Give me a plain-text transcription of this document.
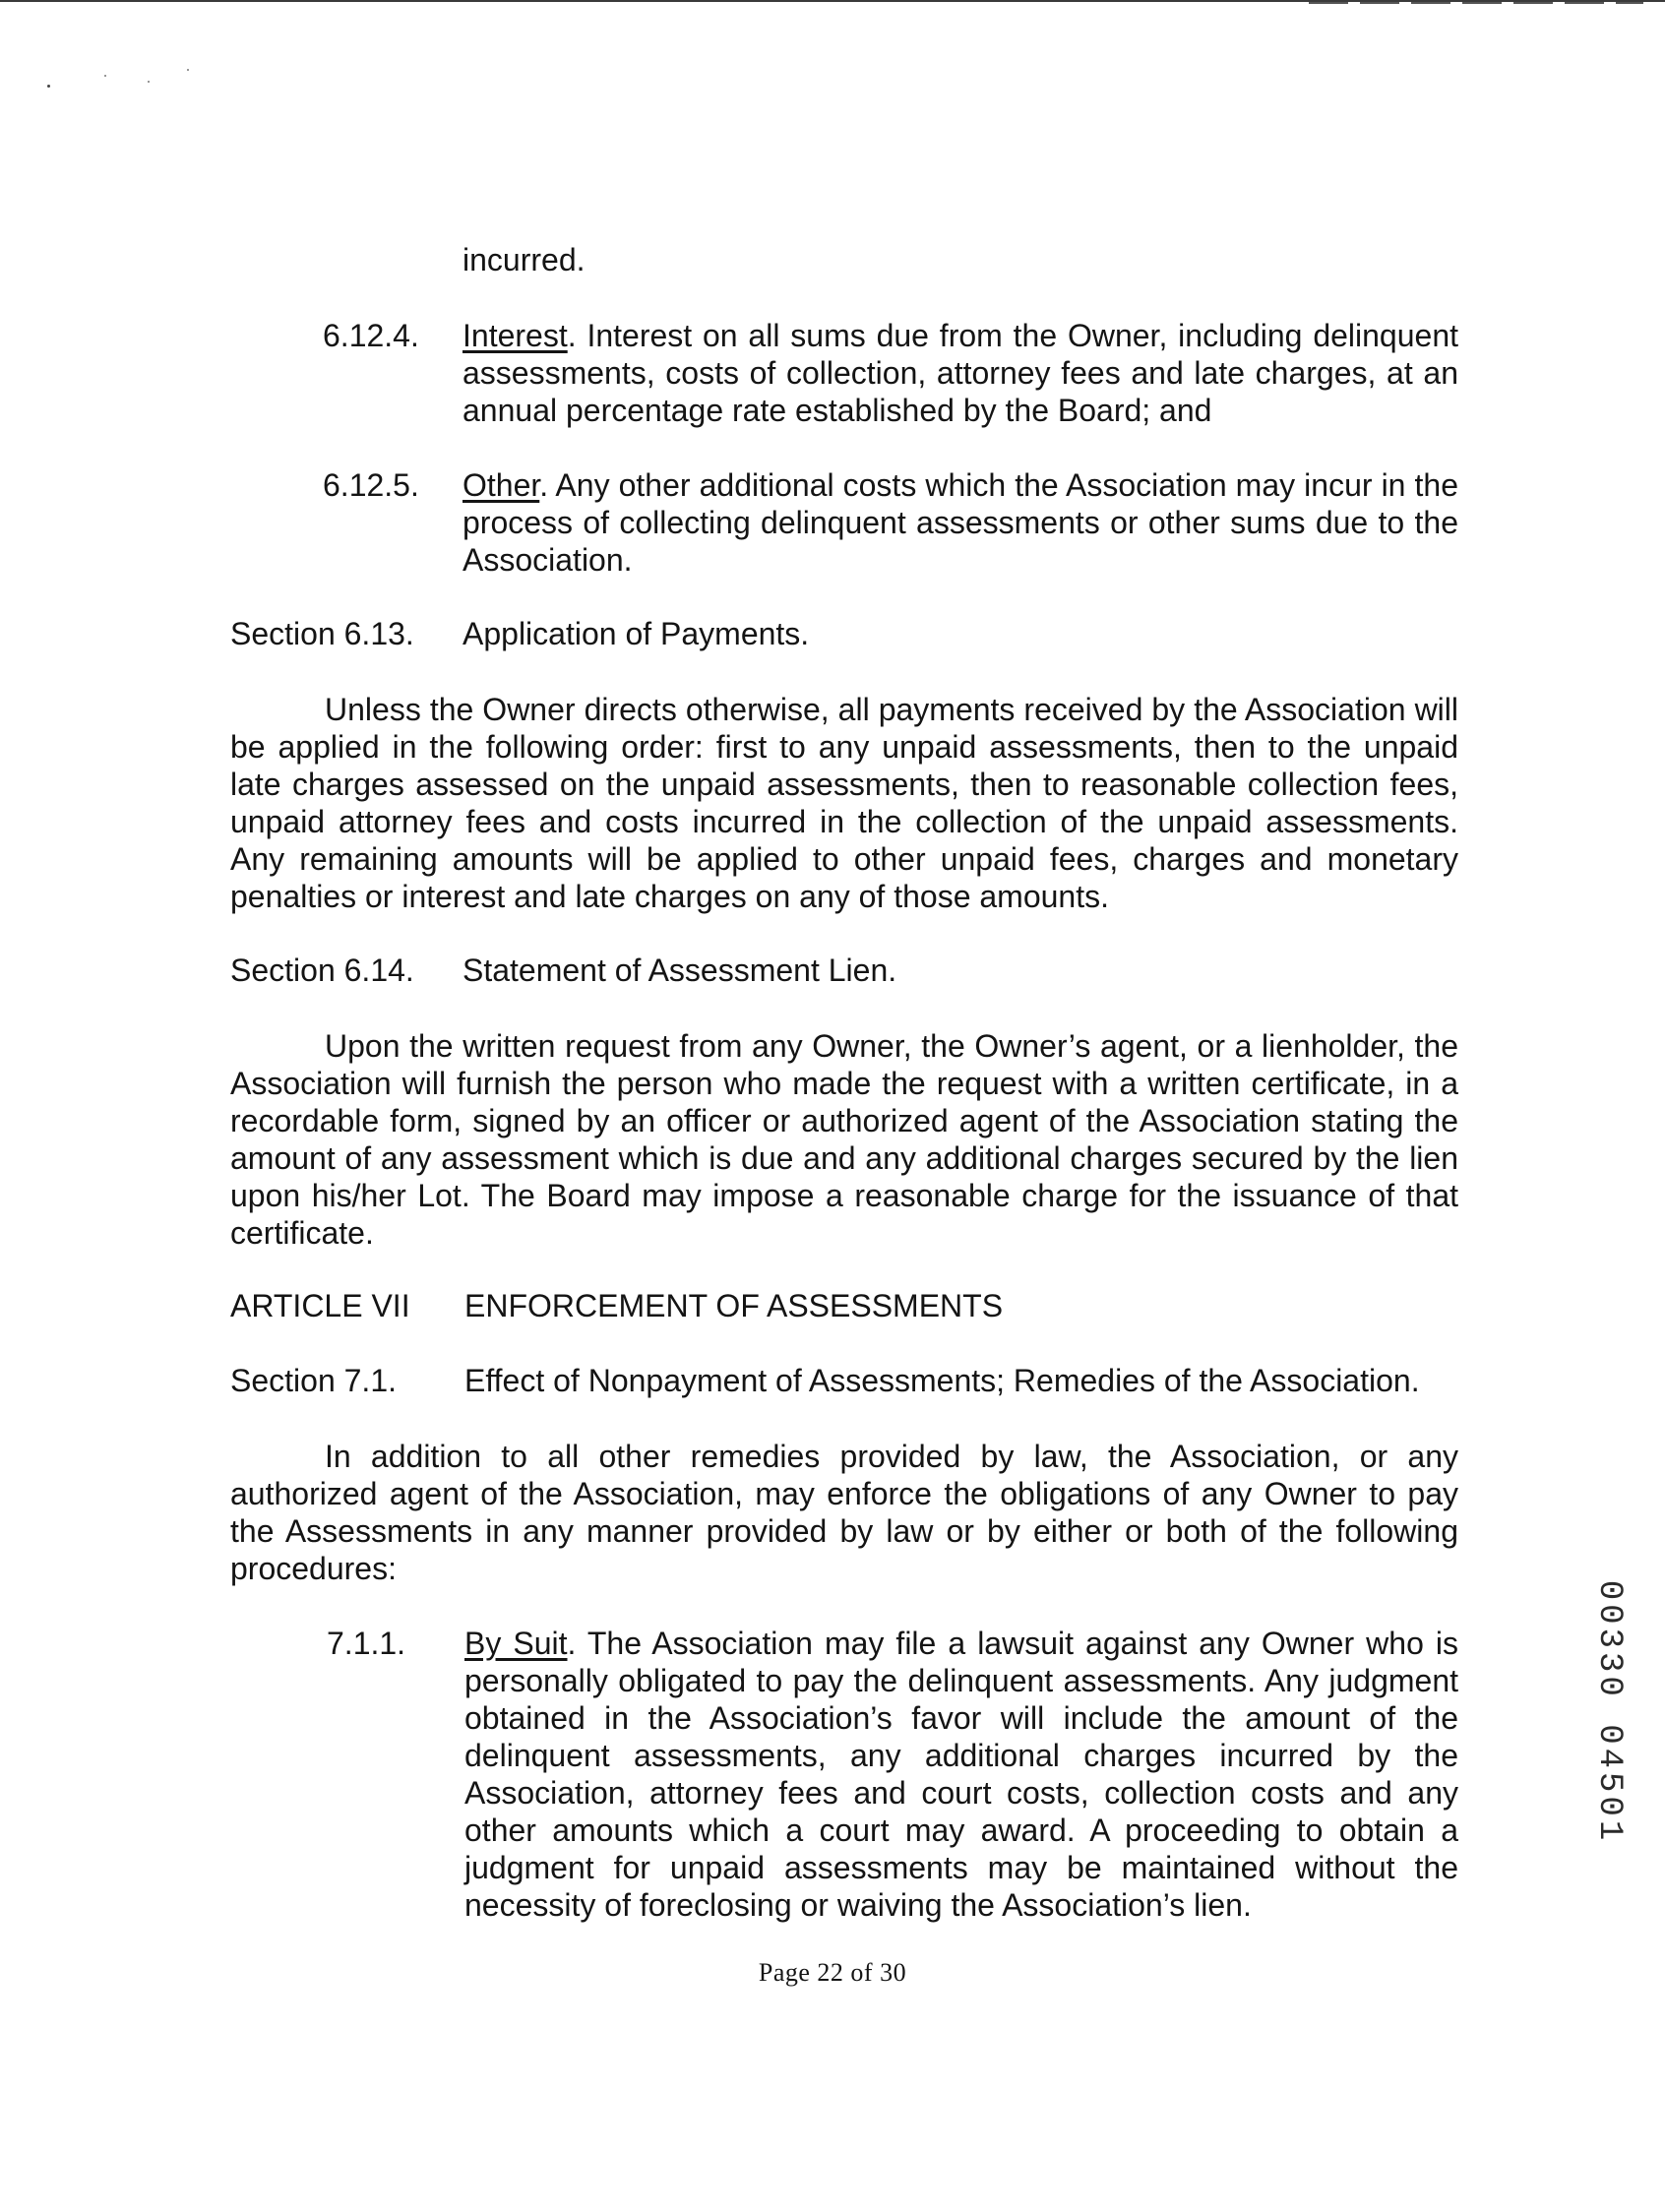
incurred.
6.12.4. Interest. Interest on all sums due from the Owner, including delinquent assessments, costs of collection, attorney fees and late charges, at an annual percentage rate established by the Board; and
6.12.5. Other. Any other additional costs which the Association may incur in the process of collecting delinquent assessments or other sums due to the Association.
Section 6.13. Application of Payments.
Unless the Owner directs otherwise, all payments received by the Association will be applied in the following order: first to any unpaid assessments, then to the unpaid late charges assessed on the unpaid assessments, then to reasonable collection fees, unpaid attorney fees and costs incurred in the collection of the unpaid assessments. Any remaining amounts will be applied to other unpaid fees, charges and monetary penalties or interest and late charges on any of those amounts.
Section 6.14. Statement of Assessment Lien.
Upon the written request from any Owner, the Owner’s agent, or a lienholder, the Association will furnish the person who made the request with a written certificate, in a recordable form, signed by an officer or authorized agent of the Association stating the amount of any assessment which is due and any additional charges secured by the lien upon his/her Lot. The Board may impose a reasonable charge for the issuance of that certificate.
ARTICLE VII ENFORCEMENT OF ASSESSMENTS
Section 7.1. Effect of Nonpayment of Assessments; Remedies of the Association.
In addition to all other remedies provided by law, the Association, or any authorized agent of the Association, may enforce the obligations of any Owner to pay the Assessments in any manner provided by law or by either or both of the following procedures:
7.1.1. By Suit. The Association may file a lawsuit against any Owner who is personally obligated to pay the delinquent assessments. Any judgment obtained in the Association’s favor will include the amount of the delinquent assessments, any additional charges incurred by the Association, attorney fees and court costs, collection costs and any other amounts which a court may award. A proceeding to obtain a judgment for unpaid assessments may be maintained without the necessity of foreclosing or waiving the Association’s lien.
Page 22 of 30
00330 04501
